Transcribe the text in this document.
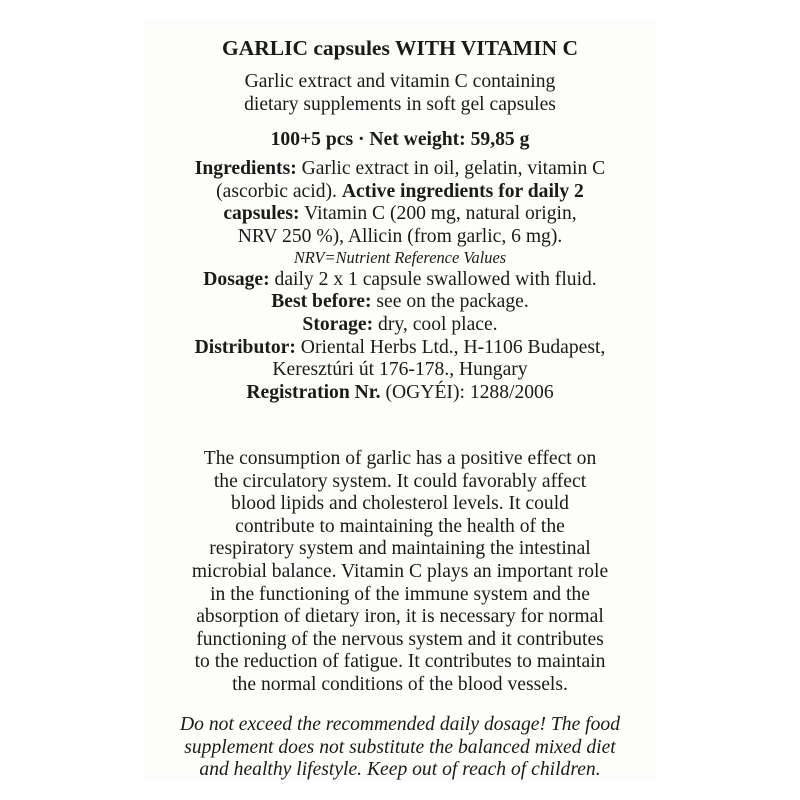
GARLIC capsules WITH VITAMIN C

Garlic extract and vitamin C containing

dietary supplements in soft gel capsules

100+5 pcs · Net weight: 59,85 g

Ingredients: Garlic extract in oil, gelatin, vitamin C

(ascorbic acid). Active ingredients for daily 2

capsules: Vitamin C (200 mg, natural origin,

NRV 250 %), Allicin (from garlic, 6 mg).

NRV=Nutrient Reference Values

Dosage: daily 2 x 1 capsule swallowed with fluid.

Best before: see on the package.

Storage: dry, cool place.

Distributor: Oriental Herbs Ltd., H-1106 Budapest,

Keresztúri út 176-178., Hungary

Registration Nr. (OGYÉI): 1288/2006

The consumption of garlic has a positive effect on

the circulatory system. It could favorably affect

blood lipids and cholesterol levels. It could

contribute to maintaining the health of the

respiratory system and maintaining the intestinal

microbial balance. Vitamin C plays an important role

in the functioning of the immune system and the

absorption of dietary iron, it is necessary for normal

functioning of the nervous system and it contributes

to the reduction of fatigue. It contributes to maintain

the normal conditions of the blood vessels.

Do not exceed the recommended daily dosage! The food

supplement does not substitute the balanced mixed diet

and healthy lifestyle. Keep out of reach of children.
